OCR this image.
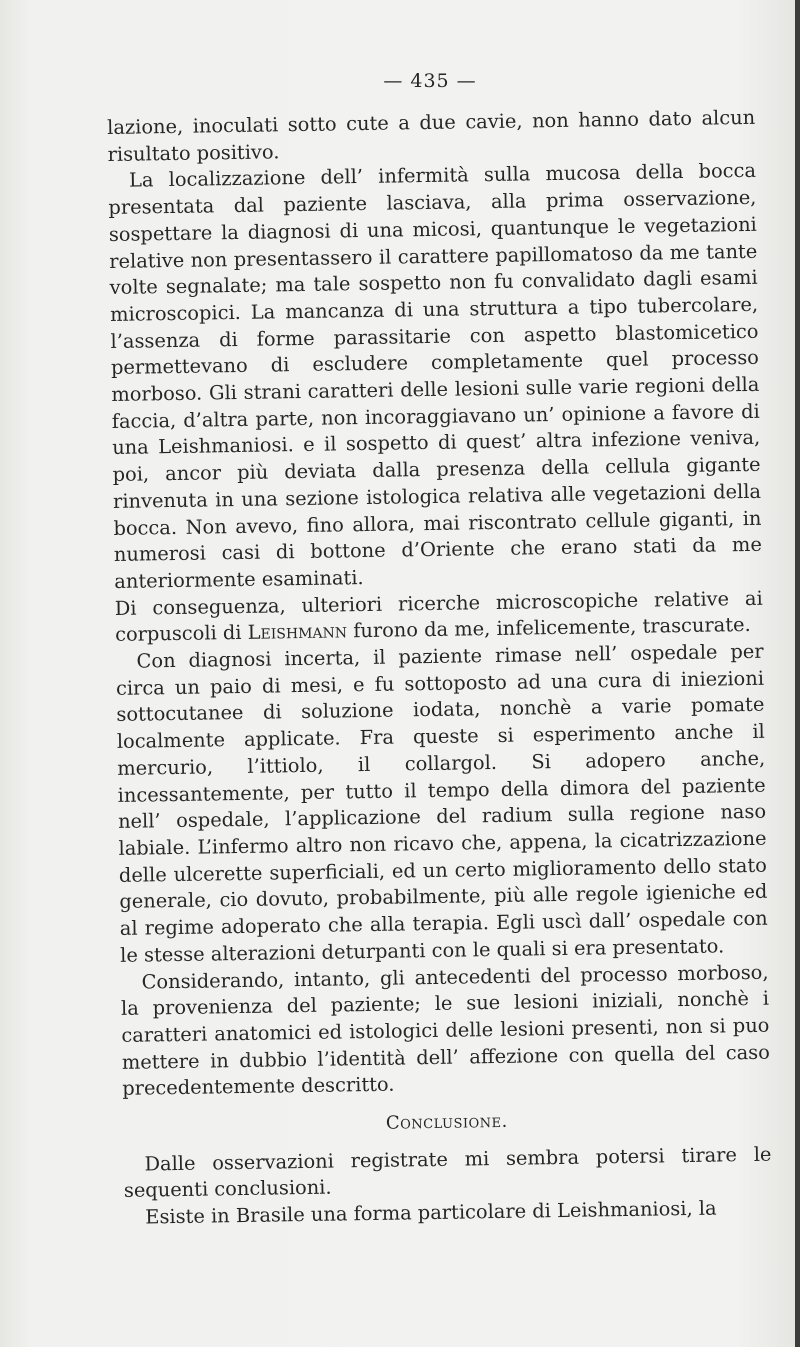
— 435 —

lazione, inoculati sotto cute a due cavie, non hanno dato alcun risultato positivo.

La localizzazione dell’ infermità sulla mucosa della bocca presentata dal paziente lasciava, alla prima osservazione, sospettare la diagnosi di una micosi, quantunque le vegetazioni relative non presentassero il carattere papillomatoso da me tante volte segnalate; ma tale sospetto non fu convalidato dagli esami microscopici. La mancanza di una struttura a tipo tubercolare, l’assenza di forme parassitarie con aspetto blastomicetico permettevano di escludere completamente quel processo morboso. Gli strani caratteri delle lesioni sulle varie regioni della faccia, d’altra parte, non incoraggiavano un’ opinione a favore di una Leishmaniosi. e il sospetto di quest’ altra infezione veniva, poi, ancor più deviata dalla presenza della cellula gigante rinvenuta in una sezione istologica relativa alle vegetazioni della bocca. Non avevo, fino allora, mai riscontrato cellule giganti, in numerosi casi di bottone d’Oriente che erano stati da me anteriormente esaminati.

Di conseguenza, ulteriori ricerche microscopiche relative ai corpuscoli di Leishmann furono da me, infelicemente, trascurate.

Con diagnosi incerta, il paziente rimase nell’ ospedale per circa un paio di mesi, e fu sottoposto ad una cura di iniezioni sottocutanee di soluzione iodata, nonchè a varie pomate localmente applicate. Fra queste si esperimento anche il mercurio, l’ittiolo, il collargol. Si adopero anche, incessantemente, per tutto il tempo della dimora del paziente nell’ ospedale, l’applicazione del radium sulla regione naso labiale. L’infermo altro non ricavo che, appena, la cicatrizzazione delle ulcerette superficiali, ed un certo miglioramento dello stato generale, cio dovuto, probabilmente, più alle regole igieniche ed al regime adoperato che alla terapia. Egli uscì dall’ ospedale con le stesse alterazioni deturpanti con le quali si era presentato.

Considerando, intanto, gli antecedenti del processo morboso, la provenienza del paziente; le sue lesioni iniziali, nonchè i caratteri anatomici ed istologici delle lesioni presenti, non si puo mettere in dubbio l’identità dell’ affezione con quella del caso precedentemente descritto.

Conclusione.

Dalle osservazioni registrate mi sembra potersi tirare le sequenti conclusioni.

Esiste in Brasile una forma particolare di Leishmaniosi, la
